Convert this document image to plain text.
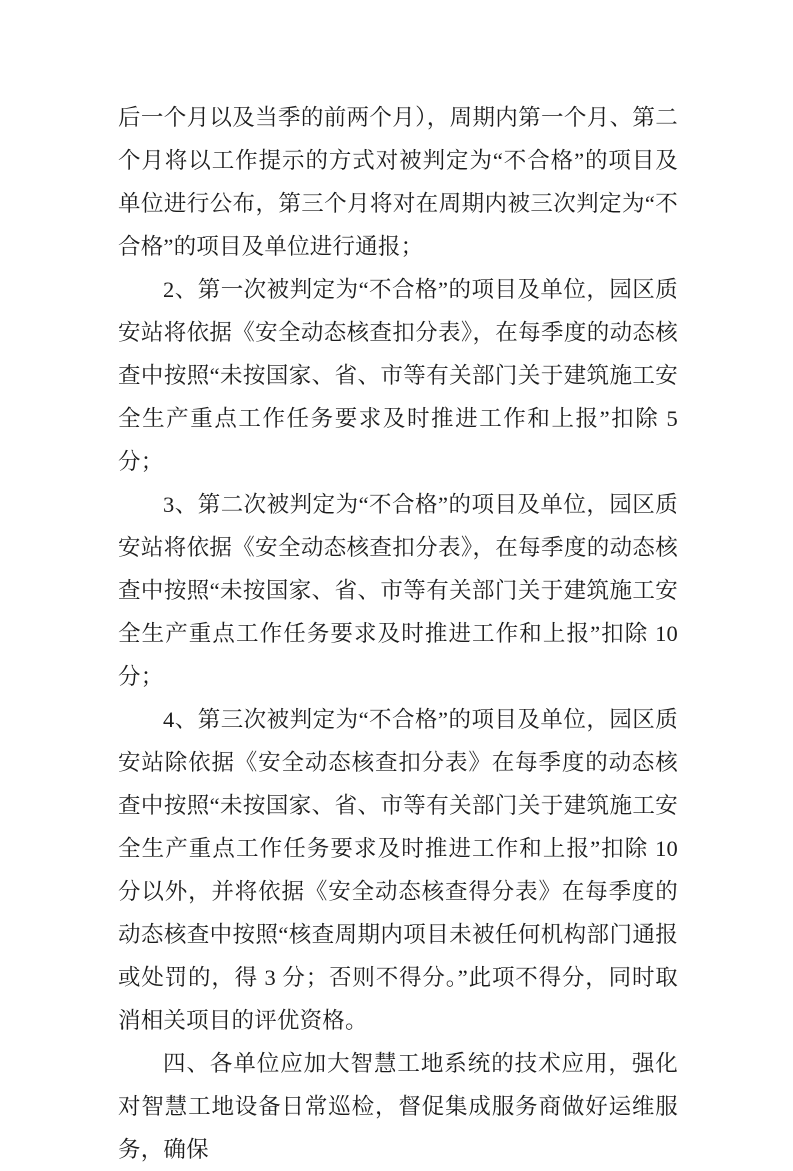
后一个月以及当季的前两个月），周期内第一个月、第二个月将以工作提示的方式对被判定为“不合格”的项目及单位进行公布，第三个月将对在周期内被三次判定为“不合格”的项目及单位进行通报；

2、第一次被判定为“不合格”的项目及单位，园区质安站将依据《安全动态核查扣分表》，在每季度的动态核查中按照“未按国家、省、市等有关部门关于建筑施工安全生产重点工作任务要求及时推进工作和上报”扣除 5 分；

3、第二次被判定为“不合格”的项目及单位，园区质安站将依据《安全动态核查扣分表》，在每季度的动态核查中按照“未按国家、省、市等有关部门关于建筑施工安全生产重点工作任务要求及时推进工作和上报”扣除 10 分；

4、第三次被判定为“不合格”的项目及单位，园区质安站除依据《安全动态核查扣分表》在每季度的动态核查中按照“未按国家、省、市等有关部门关于建筑施工安全生产重点工作任务要求及时推进工作和上报”扣除 10 分以外，并将依据《安全动态核查得分表》在每季度的动态核查中按照“核查周期内项目未被任何机构部门通报或处罚的，得 3 分；否则不得分。”此项不得分，同时取消相关项目的评优资格。

四、各单位应加大智慧工地系统的技术应用，强化对智慧工地设备日常巡检，督促集成服务商做好运维服务，确保
